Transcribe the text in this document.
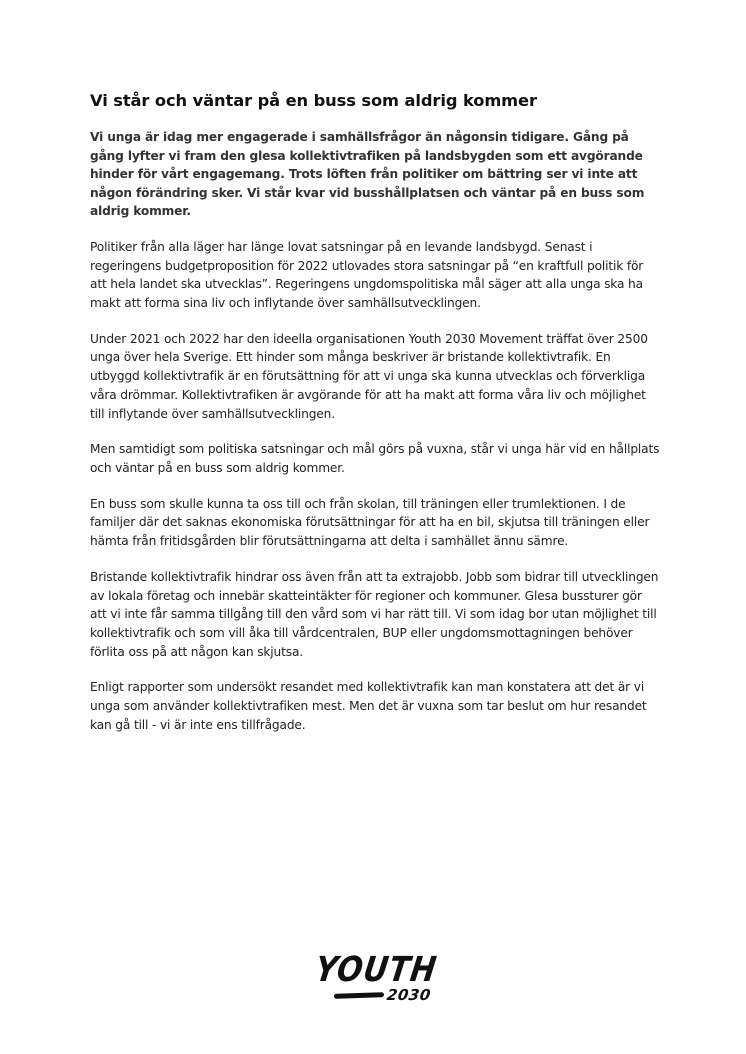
Vi står och väntar på en buss som aldrig kommer

Vi unga är idag mer engagerade i samhällsfrågor än någonsin tidigare. Gång på gång lyfter vi fram den glesa kollektivtrafiken på landsbygden som ett avgörande hinder för vårt engagemang. Trots löften från politiker om bättring ser vi inte att någon förändring sker. Vi står kvar vid busshållplatsen och väntar på en buss som aldrig kommer.

Politiker från alla läger har länge lovat satsningar på en levande landsbygd. Senast i regeringens budgetproposition för 2022 utlovades stora satsningar på “en kraftfull politik för att hela landet ska utvecklas”. Regeringens ungdomspolitiska mål säger att alla unga ska ha makt att forma sina liv och inflytande över samhällsutvecklingen.

Under 2021 och 2022 har den ideella organisationen Youth 2030 Movement träffat över 2500 unga över hela Sverige. Ett hinder som många beskriver är bristande kollektivtrafik. En utbyggd kollektivtrafik är en förutsättning för att vi unga ska kunna utvecklas och förverkliga våra drömmar. Kollektivtrafiken är avgörande för att ha makt att forma våra liv och möjlighet till inflytande över samhällsutvecklingen.

Men samtidigt som politiska satsningar och mål görs på vuxna, står vi unga här vid en hållplats och väntar på en buss som aldrig kommer.

En buss som skulle kunna ta oss till och från skolan, till träningen eller trumlektionen. I de familjer där det saknas ekonomiska förutsättningar för att ha en bil, skjutsa till träningen eller hämta från fritidsgården blir förutsättningarna att delta i samhället ännu sämre.

Bristande kollektivtrafik hindrar oss även från att ta extrajobb. Jobb som bidrar till utvecklingen av lokala företag och innebär skatteintäkter för regioner och kommuner. Glesa bussturer gör att vi inte får samma tillgång till den vård som vi har rätt till. Vi som idag bor utan möjlighet till kollektivtrafik och som vill åka till vårdcentralen, BUP eller ungdomsmottagningen behöver förlita oss på att någon kan skjutsa.

Enligt rapporter som undersökt resandet med kollektivtrafik kan man konstatera att det är vi unga som använder kollektivtrafiken mest. Men det är vuxna som tar beslut om hur resandet kan gå till - vi är inte ens tillfrågade.

YOUTH
2030
